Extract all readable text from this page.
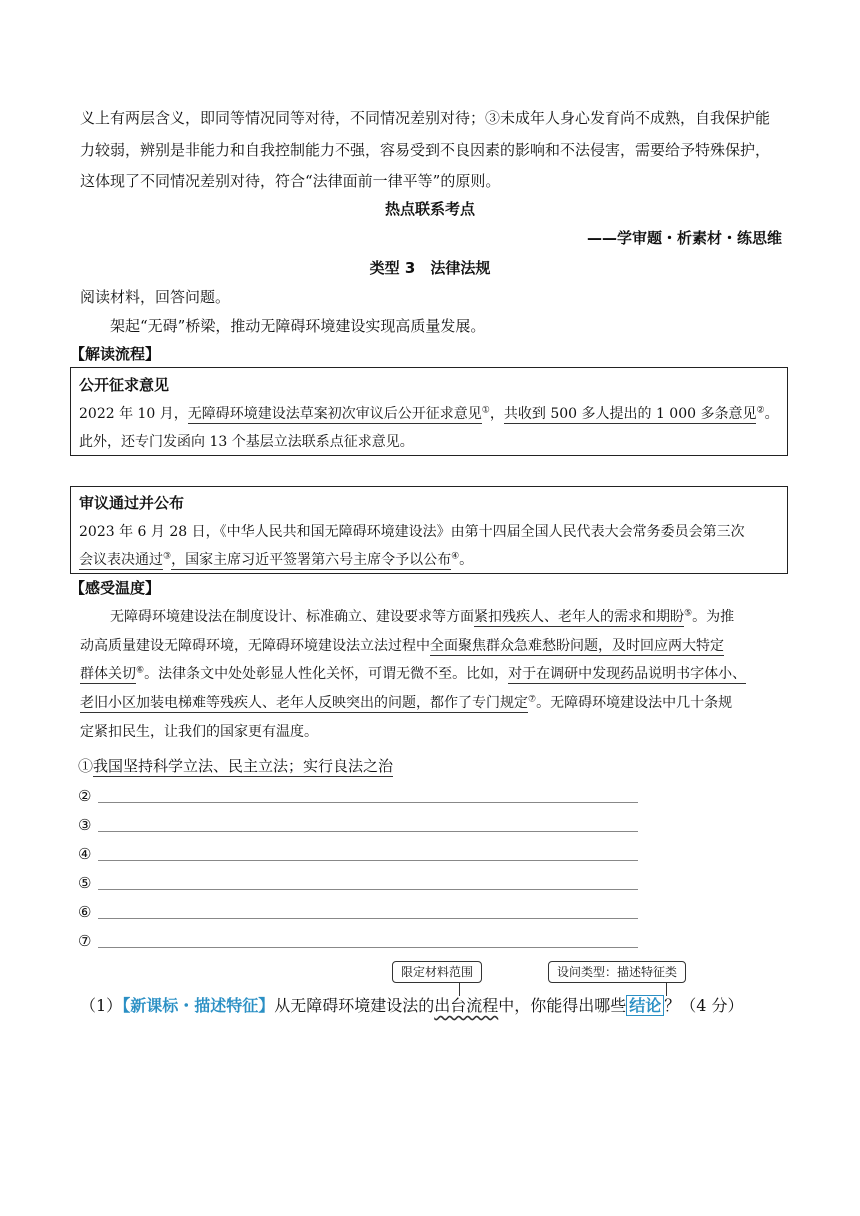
义上有两层含义，即同等情况同等对待，不同情况差别对待；③未成年人身心发育尚不成熟，自我保护能
力较弱，辨别是非能力和自我控制能力不强，容易受到不良因素的影响和不法侵害，需要给予特殊保护，
这体现了不同情况差别对待，符合“法律面前一律平等”的原则。
热点联系考点
——学审题・析素材・练思维
类型 3　法律法规
阅读材料，回答问题。
架起“无碍”桥梁，推动无障碍环境建设实现高质量发展。
【解读流程】
公开征求意见
2022 年 10 月，无障碍环境建设法草案初次审议后公开征求意见①，共收到 500 多人提出的 1 000 多条意见②。
此外，还专门发函向 13 个基层立法联系点征求意见。
审议通过并公布
2023 年 6 月 28 日，《中华人民共和国无障碍环境建设法》由第十四届全国人民代表大会常务委员会第三次
会议表决通过③，国家主席习近平签署第六号主席令予以公布④。
【感受温度】
无障碍环境建设法在制度设计、标准确立、建设要求等方面紧扣残疾人、老年人的需求和期盼⑤。为推
动高质量建设无障碍环境，无障碍环境建设法立法过程中全面聚焦群众急难愁盼问题，及时回应两大特定
群体关切⑥。法律条文中处处彰显人性化关怀，可谓无微不至。比如，对于在调研中发现药品说明书字体小、
老旧小区加装电梯难等残疾人、老年人反映突出的问题，都作了专门规定⑦。无障碍环境建设法中几十条规
定紧扣民生，让我们的国家更有温度。
①我国坚持科学立法、民主立法；实行良法之治
②
③
④
⑤
⑥
⑦
限定材料范围	设问类型：描述特征类
（1）【新课标・描述特征】从无障碍环境建设法的出台流程中，你能得出哪些 结论 ？（4 分）
